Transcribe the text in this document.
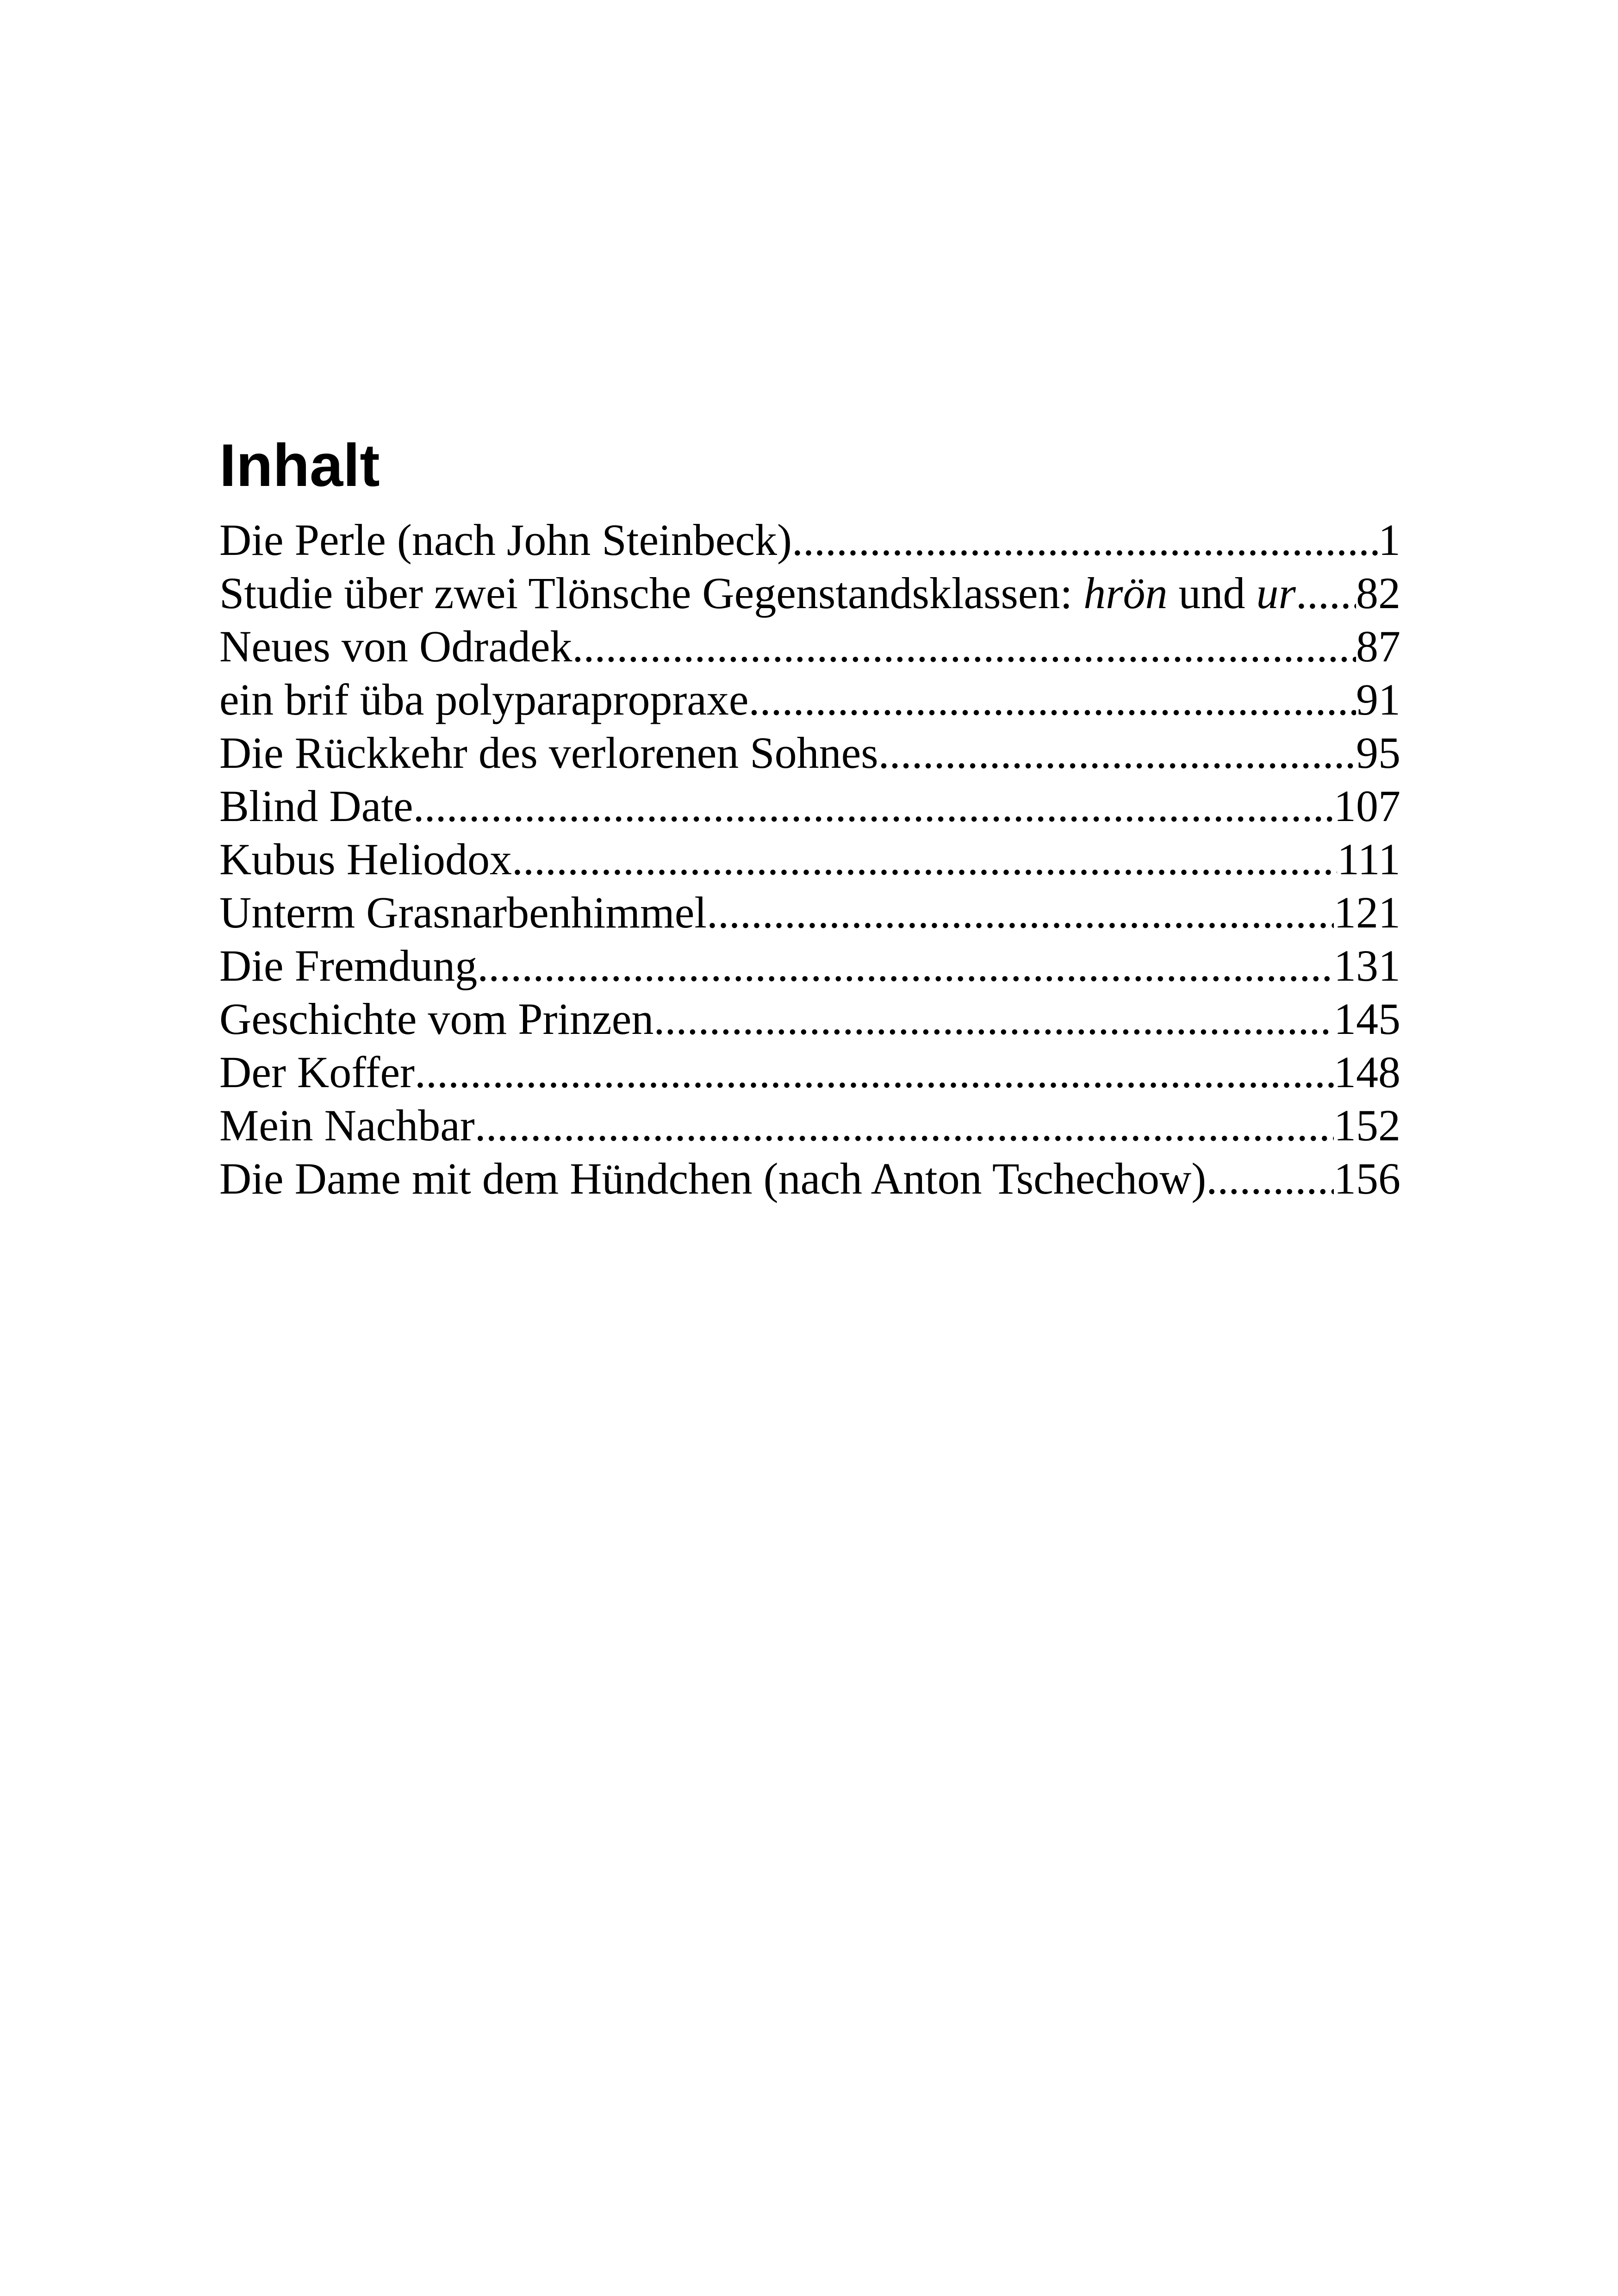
Inhalt
Die Perle (nach John Steinbeck) .....	1
Studie über zwei Tlönsche Gegenstandsklassen: hrön und ur ..... 82
Neues von Odradek .....	87
ein brif üba polyparapropraxe .....	91
Die Rückkehr des verlorenen Sohnes .....	95
Blind Date .....	107
Kubus Heliodox .....	111
Unterm Grasnarbenhimmel .....	121
Die Fremdung .....	131
Geschichte vom Prinzen .....	145
Der Koffer .....	148
Mein Nachbar .....	152
Die Dame mit dem Hündchen (nach Anton Tschechow) .....	156
